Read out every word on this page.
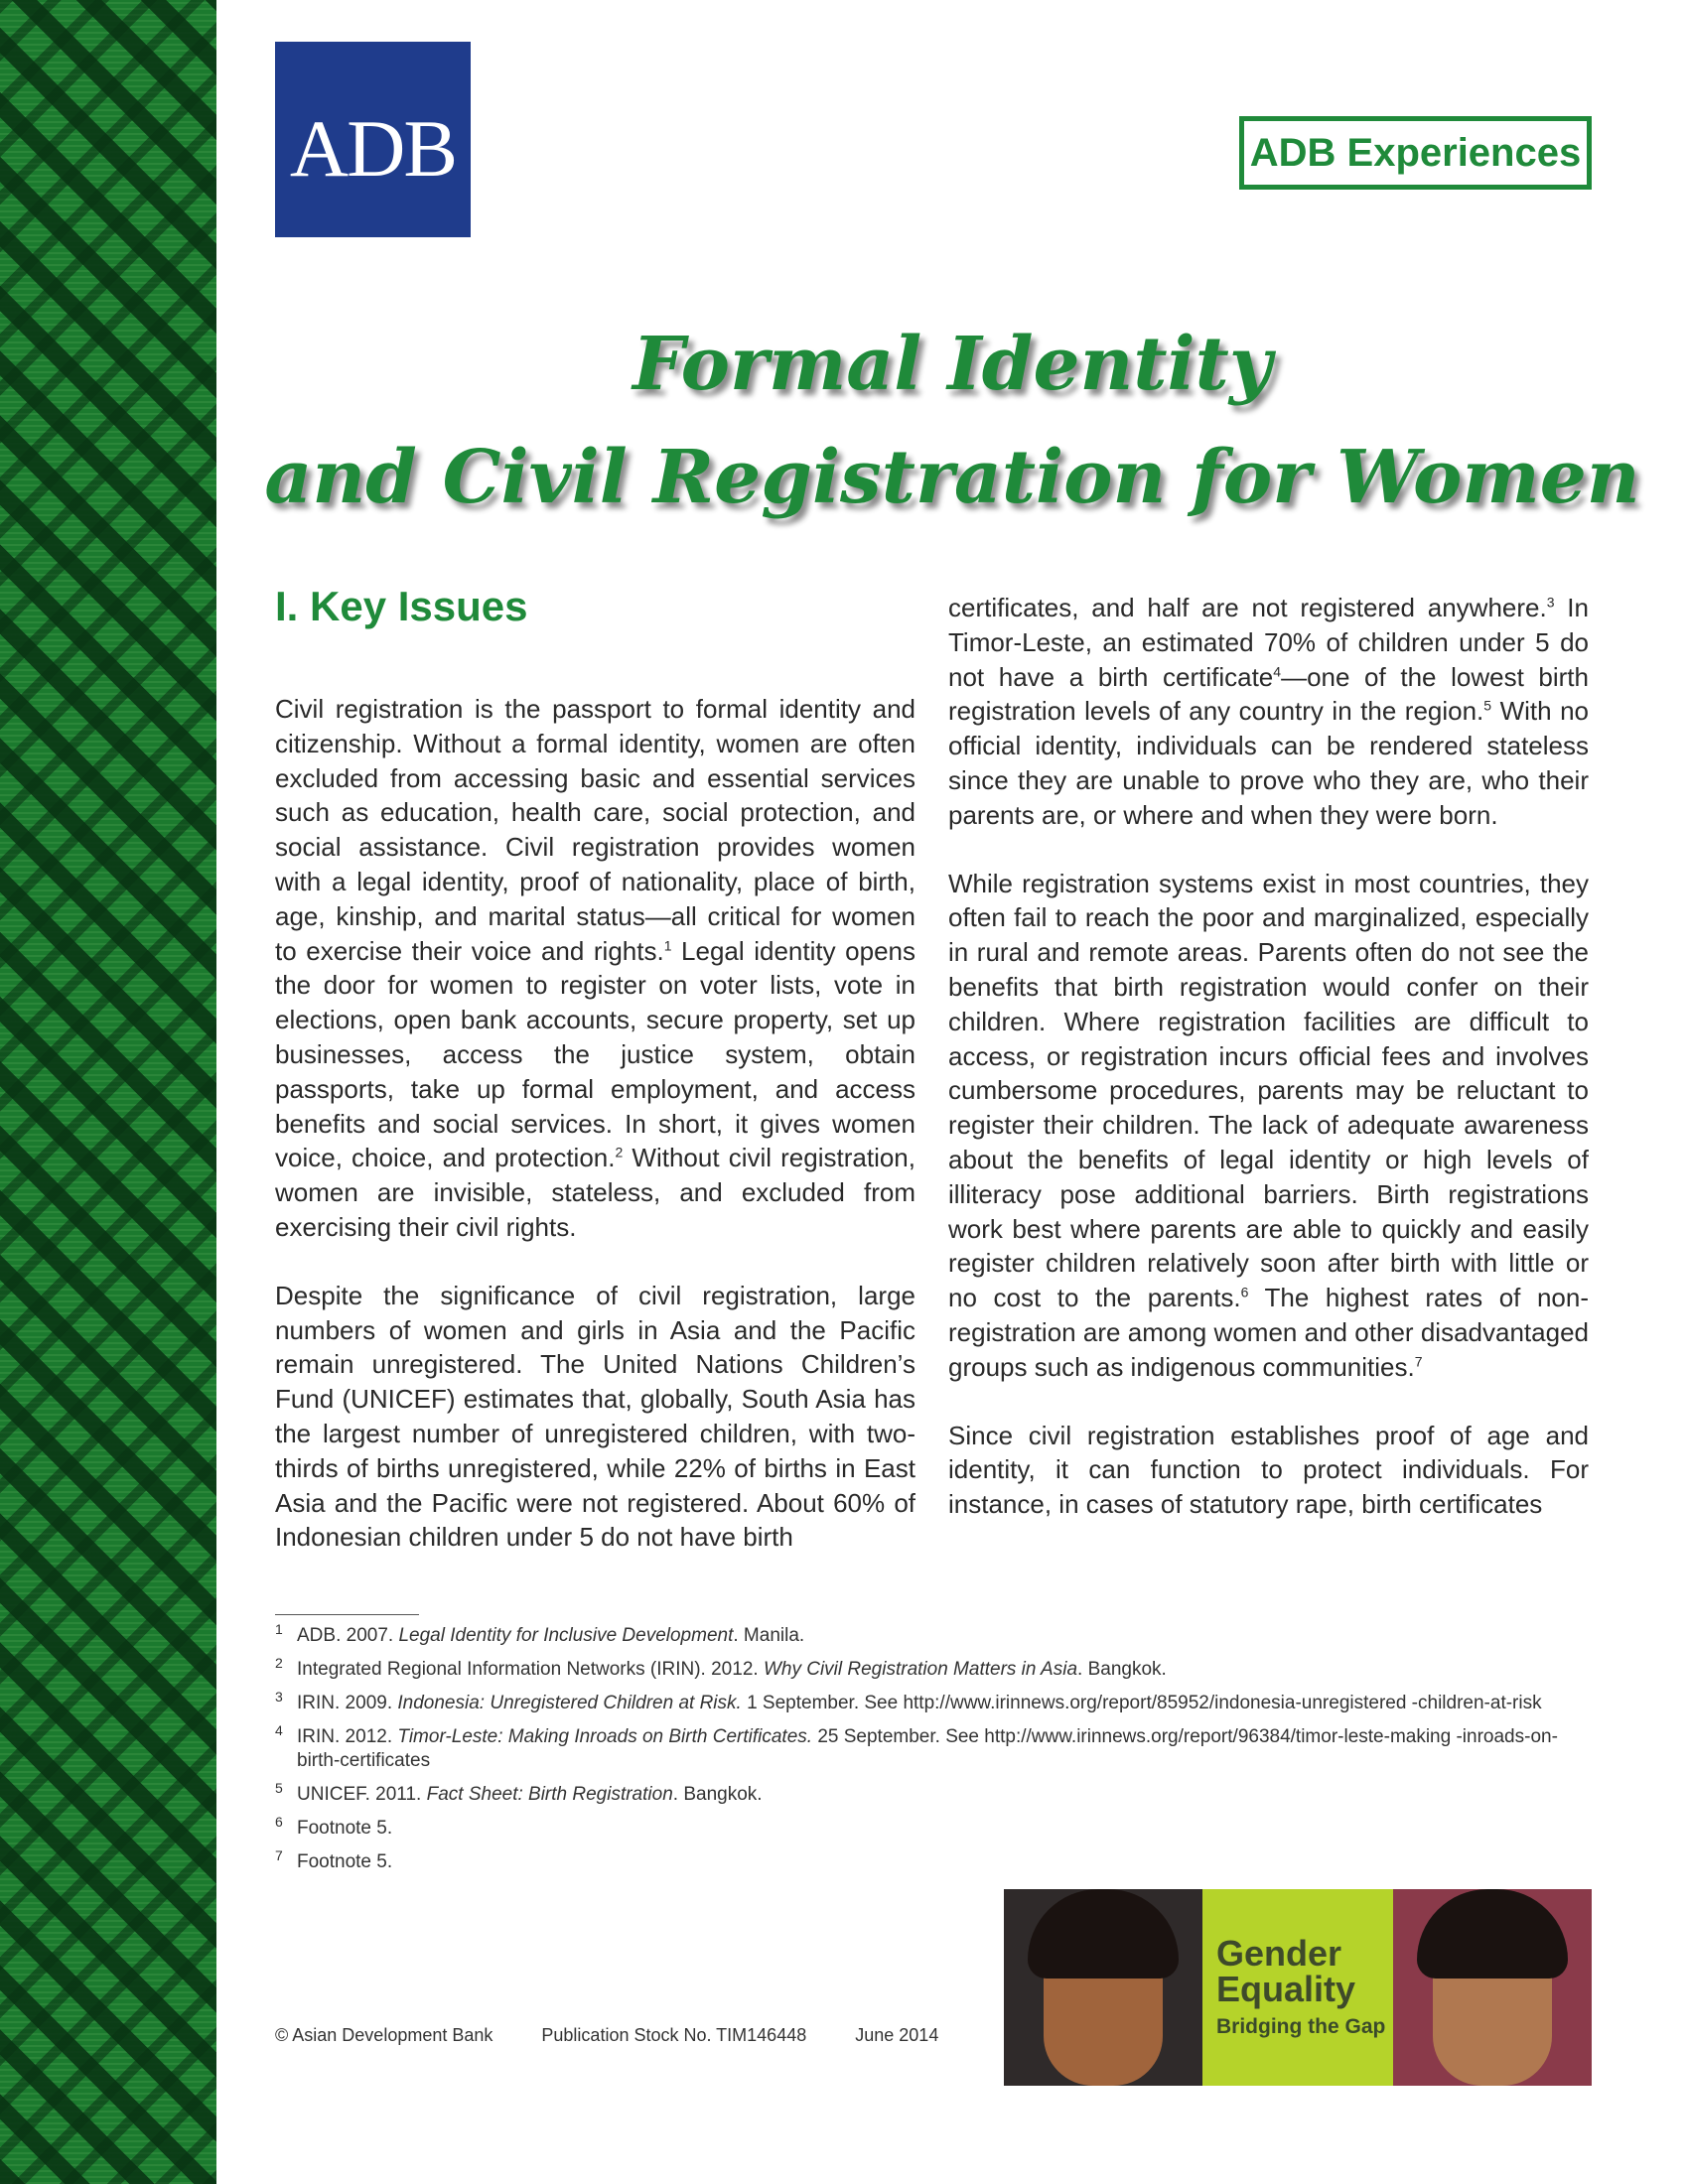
ADB	ADB Experiences
Formal Identity
and Civil Registration for Women
I. Key Issues

Civil registration is the passport to formal identity and citizenship. Without a formal identity, women are often excluded from accessing basic and essential services such as education, health care, social protection, and social assistance. Civil registration provides women with a legal identity, proof of nationality, place of birth, age, kinship, and marital status—all critical for women to exercise their voice and rights.$^1$ Legal identity opens the door for women to register on voter lists, vote in elections, open bank accounts, secure property, set up businesses, access the justice system, obtain passports, take up formal employment, and access benefits and social services. In short, it gives women voice, choice, and protection.$^2$ Without civil registration, women are invisible, stateless, and excluded from exercising their civil rights.

Despite the significance of civil registration, large numbers of women and girls in Asia and the Pacific remain unregistered. The United Nations Children’s Fund (UNICEF) estimates that, globally, South Asia has the largest number of unregistered children, with two-thirds of births unregistered, while 22% of births in East Asia and the Pacific were not registered. About 60% of Indonesian children under 5 do not have birth

certificates, and half are not registered anywhere.$^3$ In Timor-Leste, an estimated 70% of children under 5 do not have a birth certificate$^4$—one of the lowest birth registration levels of any country in the region.$^5$ With no official identity, individuals can be rendered stateless since they are unable to prove who they are, who their parents are, or where and when they were born.

While registration systems exist in most countries, they often fail to reach the poor and marginalized, especially in rural and remote areas. Parents often do not see the benefits that birth registration would confer on their children. Where registration facilities are difficult to access, or registration incurs official fees and involves cumbersome procedures, parents may be reluctant to register their children. The lack of adequate awareness about the benefits of legal identity or high levels of illiteracy pose additional barriers. Birth registrations work best where parents are able to quickly and easily register children relatively soon after birth with little or no cost to the parents.$^6$ The highest rates of non-registration are among women and other disadvantaged groups such as indigenous communities.$^7$

Since civil registration establishes proof of age and identity, it can function to protect individuals. For instance, in cases of statutory rape, birth certificates

1 ADB. 2007. Legal Identity for Inclusive Development. Manila.
2 Integrated Regional Information Networks (IRIN). 2012. Why Civil Registration Matters in Asia. Bangkok.
3 IRIN. 2009. Indonesia: Unregistered Children at Risk. 1 September. See http://www.irinnews.org/report/85952/indonesia-unregistered -children-at-risk
4 IRIN. 2012. Timor-Leste: Making Inroads on Birth Certificates. 25 September. See http://www.irinnews.org/report/96384/timor-leste-making -inroads-on-birth-certificates
5 UNICEF. 2011. Fact Sheet: Birth Registration. Bangkok.
6 Footnote 5.
7 Footnote 5.
Gender
Equality
Bridging the Gap
© Asian Development Bank	Publication Stock No. TIM146448	June 2014
